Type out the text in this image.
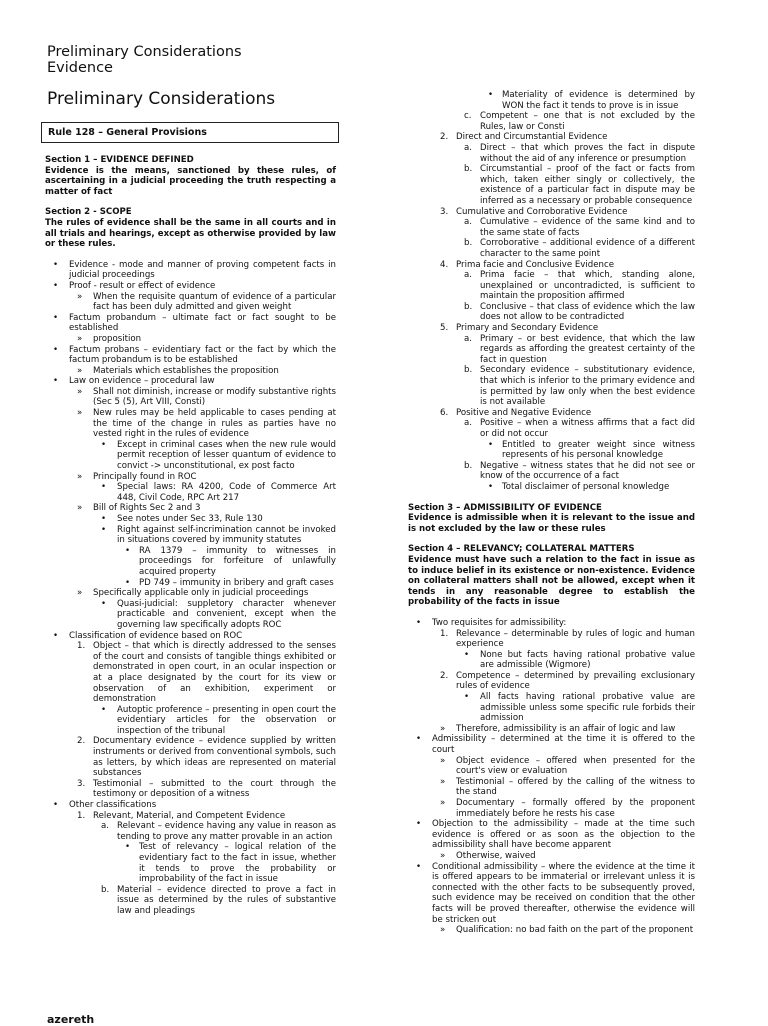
Preliminary Considerations
Evidence
Preliminary Considerations
Rule 128 – General Provisions
Section 1 – EVIDENCE DEFINED
Evidence is the means, sanctioned by these rules, of ascertaining in a judicial proceeding the truth respecting a matter of fact
Section 2 - SCOPE
The rules of evidence shall be the same in all courts and in all trials and hearings, except as otherwise provided by law or these rules.
• Evidence - mode and manner of proving competent facts in judicial proceedings
• Proof - result or effect of evidence
» When the requisite quantum of evidence of a particular fact has been duly admitted and given weight
• Factum probandum – ultimate fact or fact sought to be established
» proposition
• Factum probans – evidentiary fact or the fact by which the factum probandum is to be established
» Materials which establishes the proposition
• Law on evidence – procedural law
» Shall not diminish, increase or modify substantive rights (Sec 5 (5), Art VIII, Consti)
» New rules may be held applicable to cases pending at the time of the change in rules as parties have no vested right in the rules of evidence
• Except in criminal cases when the new rule would permit reception of lesser quantum of evidence to convict -> unconstitutional, ex post facto
» Principally found in ROC
• Special laws: RA 4200, Code of Commerce Art 448, Civil Code, RPC Art 217
» Bill of Rights Sec 2 and 3
• See notes under Sec 33, Rule 130
• Right against self-incrimination cannot be invoked in situations covered by immunity statutes
• RA 1379 – immunity to witnesses in proceedings for forfeiture of unlawfully acquired property
• PD 749 – immunity in bribery and graft cases
» Specifically applicable only in judicial proceedings
• Quasi-judicial: suppletory character whenever practicable and convenient, except when the governing law specifically adopts ROC
• Classification of evidence based on ROC
1. Object – that which is directly addressed to the senses of the court and consists of tangible things exhibited or demonstrated in open court, in an ocular inspection or at a place designated by the court for its view or observation of an exhibition, experiment or demonstration
• Autoptic proference – presenting in open court the evidentiary articles for the observation or inspection of the tribunal
2. Documentary evidence – evidence supplied by written instruments or derived from conventional symbols, such as letters, by which ideas are represented on material substances
3. Testimonial – submitted to the court through the testimony or deposition of a witness
• Other classifications
1. Relevant, Material, and Competent Evidence
a. Relevant – evidence having any value in reason as tending to prove any matter provable in an action
• Test of relevancy – logical relation of the evidentiary fact to the fact in issue, whether it tends to prove the probability or improbability of the fact in issue
b. Material – evidence directed to prove a fact in issue as determined by the rules of substantive law and pleadings
• Materiality of evidence is determined by WON the fact it tends to prove is in issue
c. Competent – one that is not excluded by the Rules, law or Consti
2. Direct and Circumstantial Evidence
a. Direct – that which proves the fact in dispute without the aid of any inference or presumption
b. Circumstantial – proof of the fact or facts from which, taken either singly or collectively, the existence of a particular fact in dispute may be inferred as a necessary or probable consequence
3. Cumulative and Corroborative Evidence
a. Cumulative – evidence of the same kind and to the same state of facts
b. Corroborative – additional evidence of a different character to the same point
4. Prima facie and Conclusive Evidence
a. Prima facie – that which, standing alone, unexplained or uncontradicted, is sufficient to maintain the proposition affirmed
b. Conclusive – that class of evidence which the law does not allow to be contradicted
5. Primary and Secondary Evidence
a. Primary – or best evidence, that which the law regards as affording the greatest certainty of the fact in question
b. Secondary evidence – substitutionary evidence, that which is inferior to the primary evidence and is permitted by law only when the best evidence is not available
6. Positive and Negative Evidence
a. Positive – when a witness affirms that a fact did or did not occur
• Entitled to greater weight since witness represents of his personal knowledge
b. Negative – witness states that he did not see or know of the occurrence of a fact
• Total disclaimer of personal knowledge
Section 3 – ADMISSIBILITY OF EVIDENCE
Evidence is admissible when it is relevant to the issue and is not excluded by the law or these rules
Section 4 – RELEVANCY; COLLATERAL MATTERS
Evidence must have such a relation to the fact in issue as to induce belief in its existence or non-existence. Evidence on collateral matters shall not be allowed, except when it tends in any reasonable degree to establish the probability of the facts in issue
• Two requisites for admissibility:
1. Relevance – determinable by rules of logic and human experience
• None but facts having rational probative value are admissible (Wigmore)
2. Competence – determined by prevailing exclusionary rules of evidence
• All facts having rational probative value are admissible unless some specific rule forbids their admission
» Therefore, admissibility is an affair of logic and law
• Admissibility – determined at the time it is offered to the court
» Object evidence – offered when presented for the court's view or evaluation
» Testimonial – offered by the calling of the witness to the stand
» Documentary – formally offered by the proponent immediately before he rests his case
• Objection to the admissibility – made at the time such evidence is offered or as soon as the objection to the admissibility shall have become apparent
» Otherwise, waived
• Conditional admissibility – where the evidence at the time it is offered appears to be immaterial or irrelevant unless it is connected with the other facts to be subsequently proved, such evidence may be received on condition that the other facts will be proved thereafter, otherwise the evidence will be stricken out
» Qualification: no bad faith on the part of the proponent
azereth
